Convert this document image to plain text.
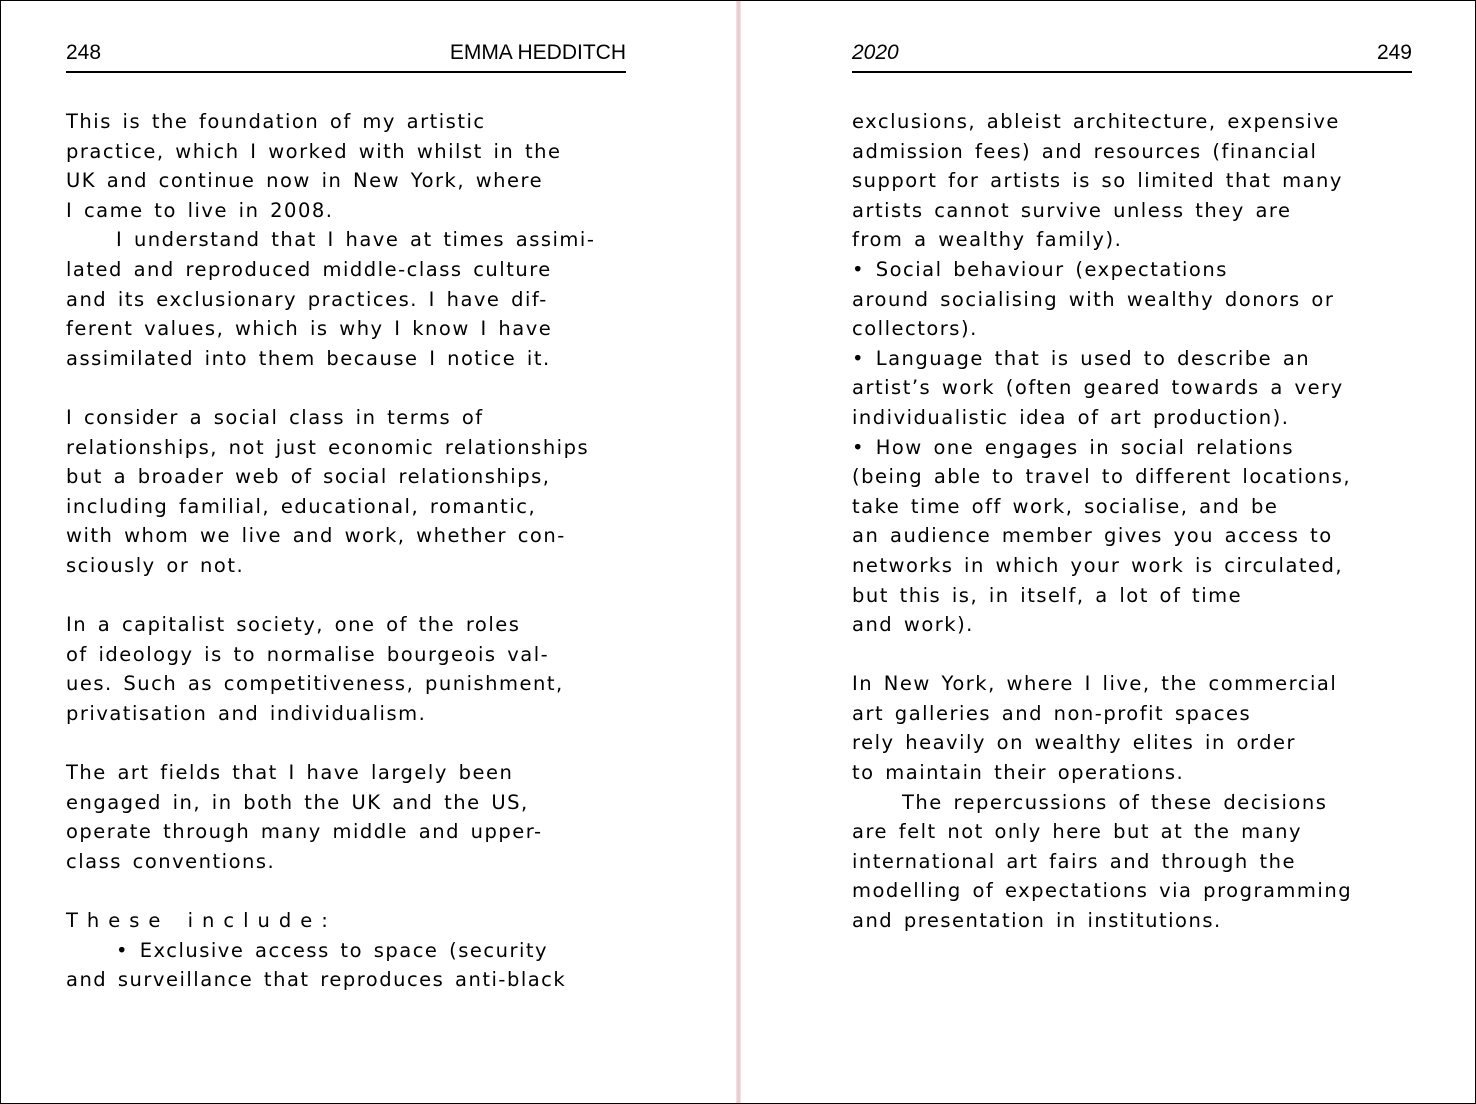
248	EMMA HEDDITCH
This is the foundation of my artistic
practice, which I worked with whilst in the
UK and continue now in New York, where
I came to live in 2008.
I understand that I have at times assimi-
lated and reproduced middle-class culture
and its exclusionary practices. I have dif-
ferent values, which is why I know I have
assimilated into them because I notice it.
I consider a social class in terms of
relationships, not just economic relationships
but a broader web of social relationships,
including familial, educational, romantic,
with whom we live and work, whether con-
sciously or not.
In a capitalist society, one of the roles
of ideology is to normalise bourgeois val-
ues. Such as competitiveness, punishment,
privatisation and individualism.
The art fields that I have largely been
engaged in, in both the UK and the US,
operate through many middle and upper-
class conventions.
These include:
• Exclusive access to space (security
and surveillance that reproduces anti-black
2020	249
exclusions, ableist architecture, expensive
admission fees) and resources (financial
support for artists is so limited that many
artists cannot survive unless they are
from a wealthy family).
• Social behaviour (expectations
around socialising with wealthy donors or
collectors).
• Language that is used to describe an
artist’s work (often geared towards a very
individualistic idea of art production).
• How one engages in social relations
(being able to travel to different locations,
take time off work, socialise, and be
an audience member gives you access to
networks in which your work is circulated,
but this is, in itself, a lot of time
and work).
In New York, where I live, the commercial
art galleries and non-profit spaces
rely heavily on wealthy elites in order
to maintain their operations.
The repercussions of these decisions
are felt not only here but at the many
international art fairs and through the
modelling of expectations via programming
and presentation in institutions.
